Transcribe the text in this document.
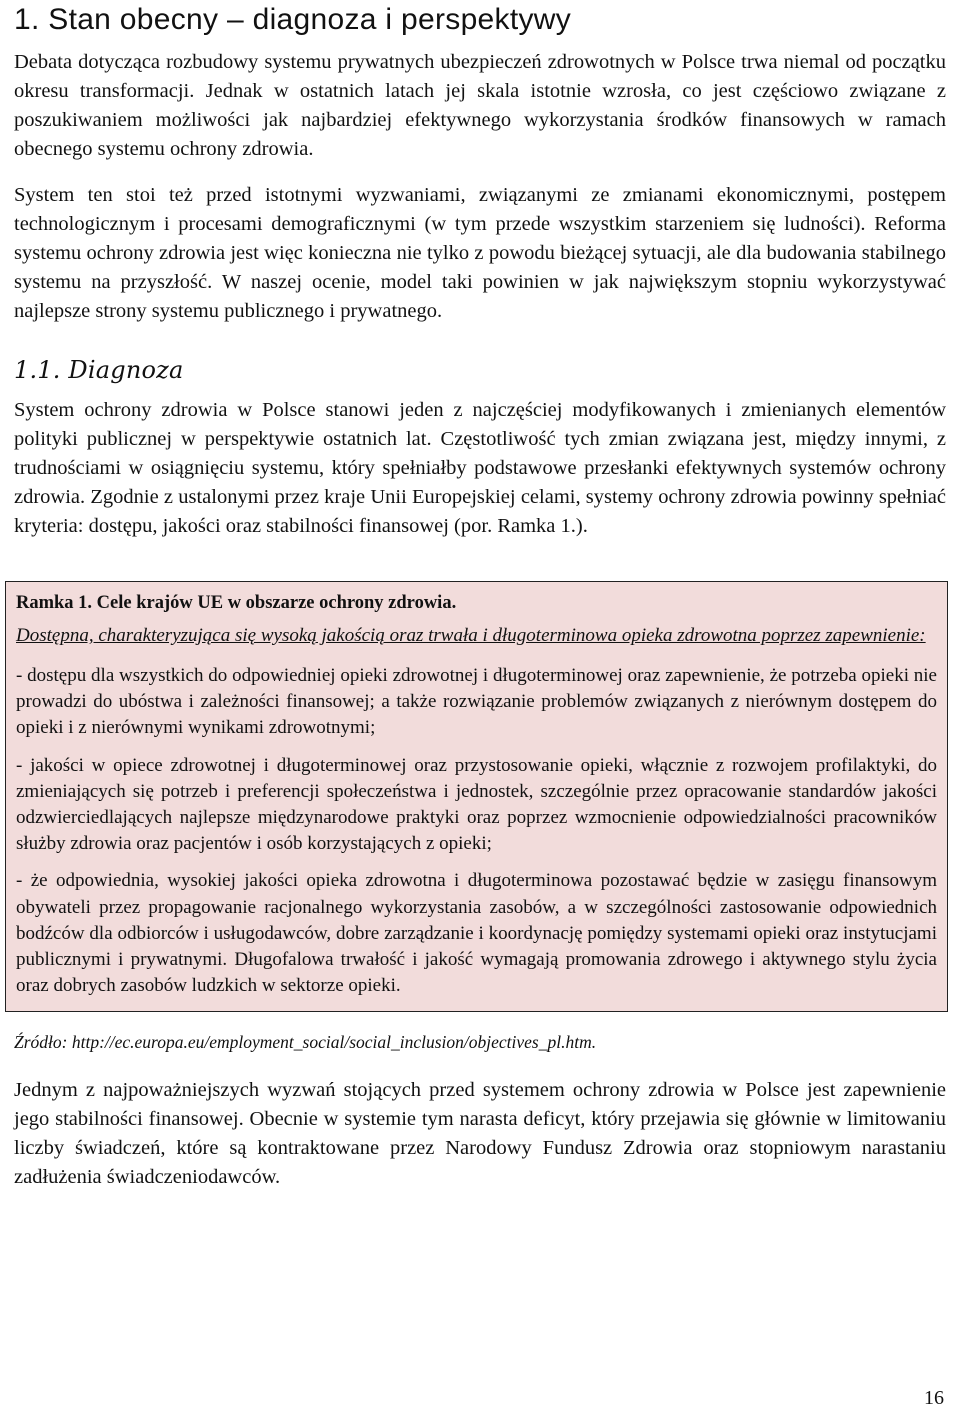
1. Stan obecny – diagnoza i perspektywy

Debata dotycząca rozbudowy systemu prywatnych ubezpieczeń zdrowotnych w Polsce trwa niemal od początku okresu transformacji. Jednak w ostatnich latach jej skala istotnie wzrosła, co jest częściowo związane z poszukiwaniem możliwości jak najbardziej efektywnego wykorzystania środków finansowych w ramach obecnego systemu ochrony zdrowia.

System ten stoi też przed istotnymi wyzwaniami, związanymi ze zmianami ekonomicznymi, postępem technologicznym i procesami demograficznymi (w tym przede wszystkim starzeniem się ludności). Reforma systemu ochrony zdrowia jest więc konieczna nie tylko z powodu bieżącej sytuacji, ale dla budowania stabilnego systemu na przyszłość. W naszej ocenie, model taki powinien w jak największym stopniu wykorzystywać najlepsze strony systemu publicznego i prywatnego.

1.1. Diagnoza

System ochrony zdrowia w Polsce stanowi jeden z najczęściej modyfikowanych i zmienianych elementów polityki publicznej w perspektywie ostatnich lat. Częstotliwość tych zmian związana jest, między innymi, z trudnościami w osiągnięciu systemu, który spełniałby podstawowe przesłanki efektywnych systemów ochrony zdrowia. Zgodnie z ustalonymi przez kraje Unii Europejskiej celami, systemy ochrony zdrowia powinny spełniać kryteria: dostępu, jakości oraz stabilności finansowej (por. Ramka 1.).

Ramka 1. Cele krajów UE w obszarze ochrony zdrowia.
Dostępna, charakteryzująca się wysoką jakością oraz trwała i długoterminowa opieka zdrowotna poprzez zapewnienie:

- dostępu dla wszystkich do odpowiedniej opieki zdrowotnej i długoterminowej oraz zapewnienie, że potrzeba opieki nie prowadzi do ubóstwa i zależności finansowej; a także rozwiązanie problemów związanych z nierównym dostępem do opieki i z nierównymi wynikami zdrowotnymi;

- jakości w opiece zdrowotnej i długoterminowej oraz przystosowanie opieki, włącznie z rozwojem profilaktyki, do zmieniających się potrzeb i preferencji społeczeństwa i jednostek, szczególnie przez opracowanie standardów jakości odzwierciedlających najlepsze międzynarodowe praktyki oraz poprzez wzmocnienie odpowiedzialności pracowników służby zdrowia oraz pacjentów i osób korzystających z opieki;

- że odpowiednia, wysokiej jakości opieka zdrowotna i długoterminowa pozostawać będzie w zasięgu finansowym obywateli przez propagowanie racjonalnego wykorzystania zasobów, a w szczególności zastosowanie odpowiednich bodźców dla odbiorców i usługodawców, dobre zarządzanie i koordynację pomiędzy systemami opieki oraz instytucjami publicznymi i prywatnymi. Długofalowa trwałość i jakość wymagają promowania zdrowego i aktywnego stylu życia oraz dobrych zasobów ludzkich w sektorze opieki.

Źródło: http://ec.europa.eu/employment_social/social_inclusion/objectives_pl.htm.

Jednym z najpoważniejszych wyzwań stojących przed systemem ochrony zdrowia w Polsce jest zapewnienie jego stabilności finansowej. Obecnie w systemie tym narasta deficyt, który przejawia się głównie w limitowaniu liczby świadczeń, które są kontraktowane przez Narodowy Fundusz Zdrowia oraz stopniowym narastaniu zadłużenia świadczeniodawców.

16
